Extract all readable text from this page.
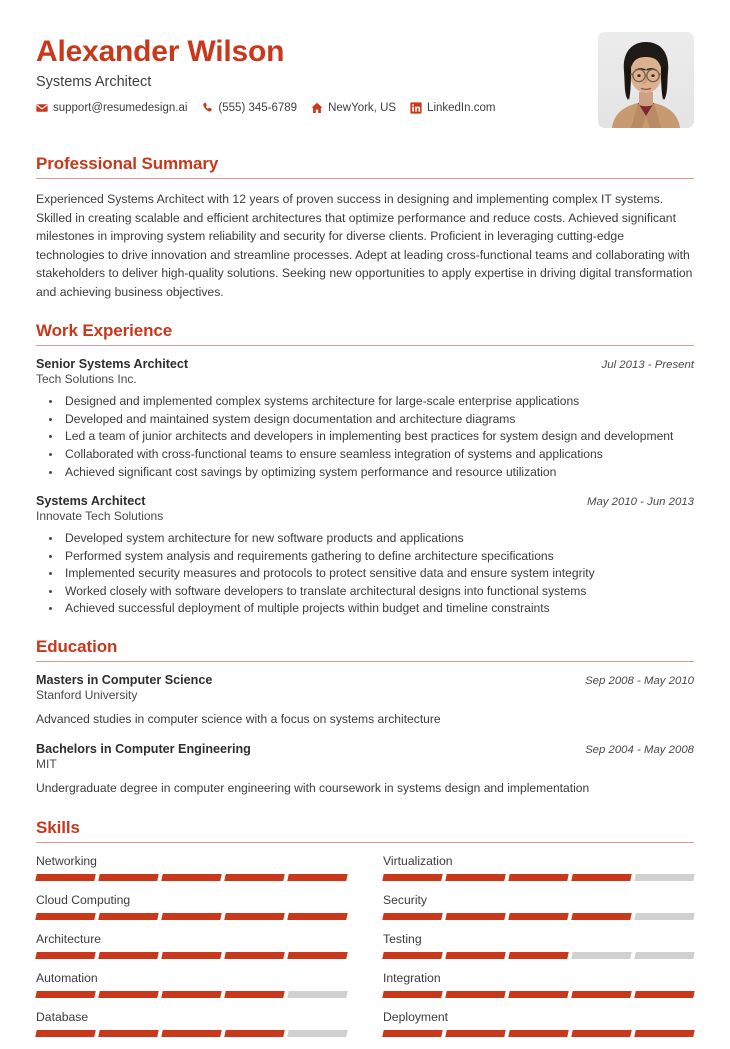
Alexander Wilson
Systems Architect
support@resumedesign.ai	(555) 345-6789	NewYork, US	LinkedIn.com
Professional Summary

Experienced Systems Architect with 12 years of proven success in designing and implementing complex IT systems. Skilled in creating scalable and efficient architectures that optimize performance and reduce costs. Achieved significant milestones in improving system reliability and security for diverse clients. Proficient in leveraging cutting-edge technologies to drive innovation and streamline processes. Adept at leading cross-functional teams and collaborating with stakeholders to deliver high-quality solutions. Seeking new opportunities to apply expertise in driving digital transformation and achieving business objectives.

Work Experience
Senior Systems Architect	Jul 2013 - Present
Tech Solutions Inc.
• Designed and implemented complex systems architecture for large-scale enterprise applications
• Developed and maintained system design documentation and architecture diagrams
• Led a team of junior architects and developers in implementing best practices for system design and development
• Collaborated with cross-functional teams to ensure seamless integration of systems and applications
• Achieved significant cost savings by optimizing system performance and resource utilization
Systems Architect	May 2010 - Jun 2013
Innovate Tech Solutions
• Developed system architecture for new software products and applications
• Performed system analysis and requirements gathering to define architecture specifications
• Implemented security measures and protocols to protect sensitive data and ensure system integrity
• Worked closely with software developers to translate architectural designs into functional systems
• Achieved successful deployment of multiple projects within budget and timeline constraints
Education
Masters in Computer Science	Sep 2008 - May 2010
Stanford University

Advanced studies in computer science with a focus on systems architecture

Bachelors in Computer Engineering	Sep 2004 - May 2008
MIT

Undergraduate degree in computer engineering with coursework in systems design and implementation

Skills
Networking	Virtualization
Cloud Computing	Security
Architecture	Testing
Automation	Integration
Database	Deployment
